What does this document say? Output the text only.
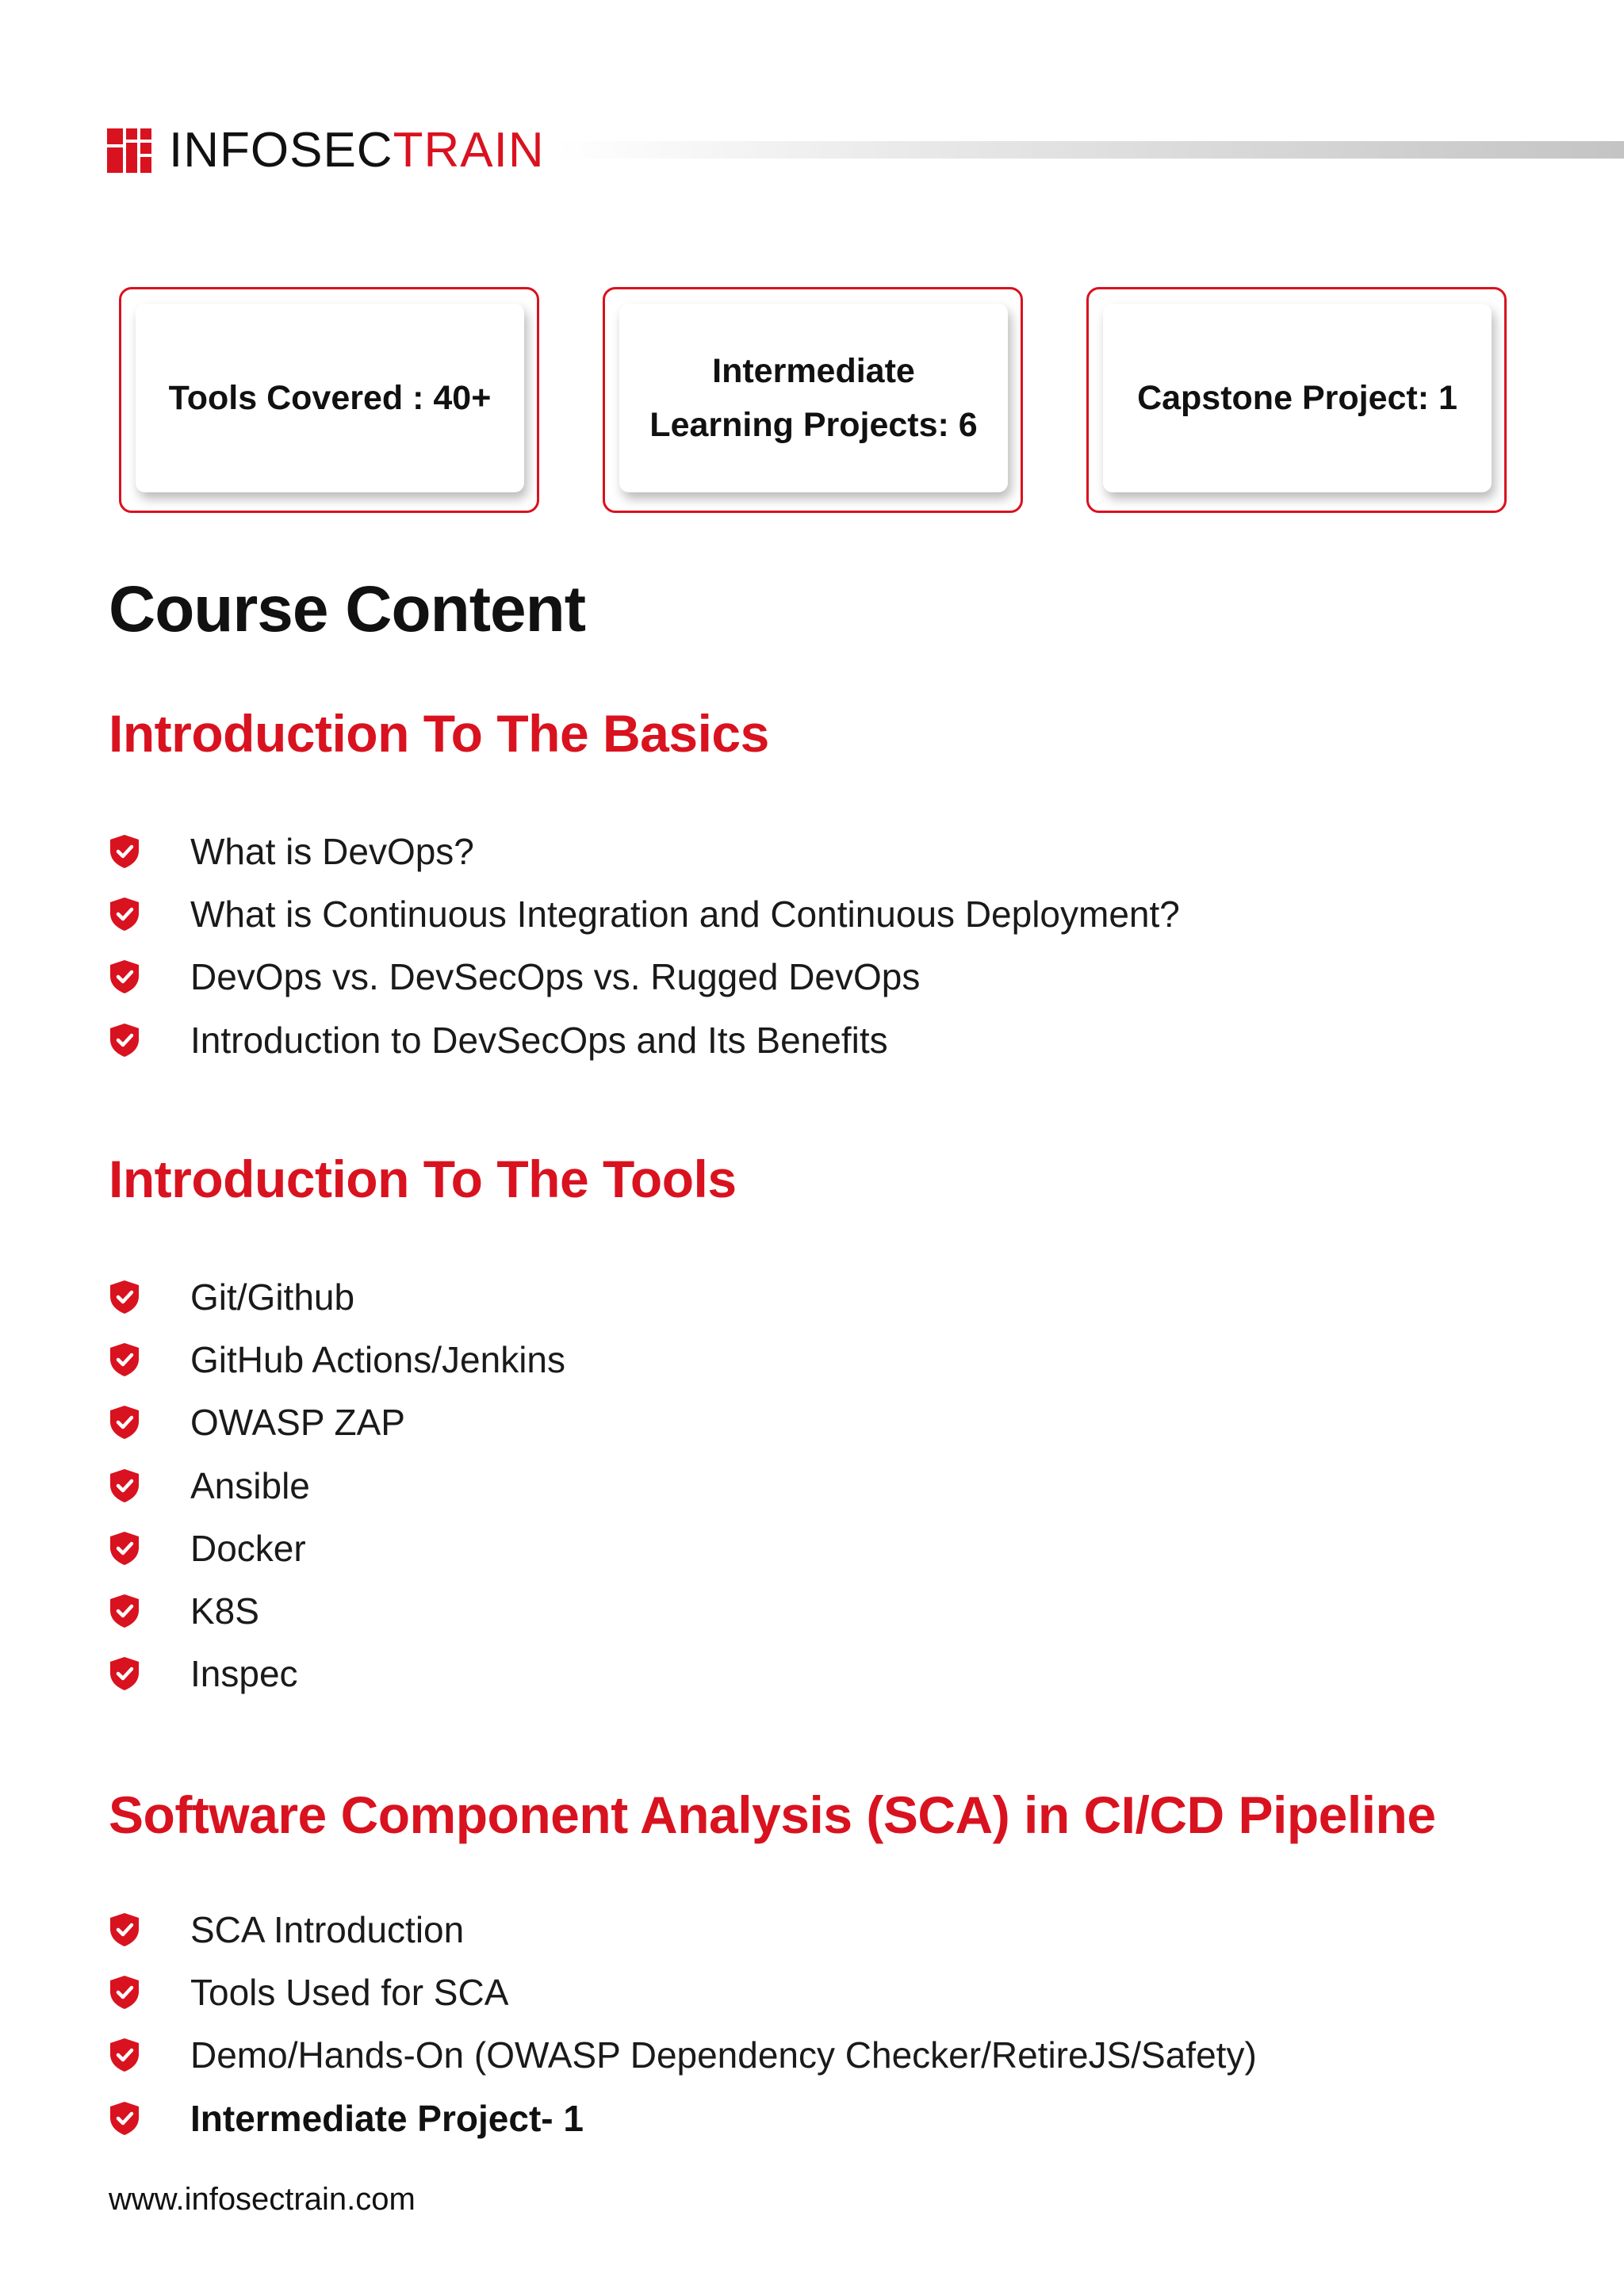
INFOSECTRAIN
Tools Covered : 40+
Intermediate Learning Projects: 6
Capstone Project: 1
Course Content
Introduction To The Basics
What is DevOps?
What is Continuous Integration and Continuous Deployment?
DevOps vs. DevSecOps vs. Rugged DevOps
Introduction to DevSecOps and Its Benefits
Introduction To The Tools
Git/Github
GitHub Actions/Jenkins
OWASP ZAP
Ansible
Docker
K8S
Inspec
Software Component Analysis (SCA) in CI/CD Pipeline
SCA Introduction
Tools Used for SCA
Demo/Hands-On (OWASP Dependency Checker/RetireJS/Safety)
Intermediate Project- 1
www.infosectrain.com
